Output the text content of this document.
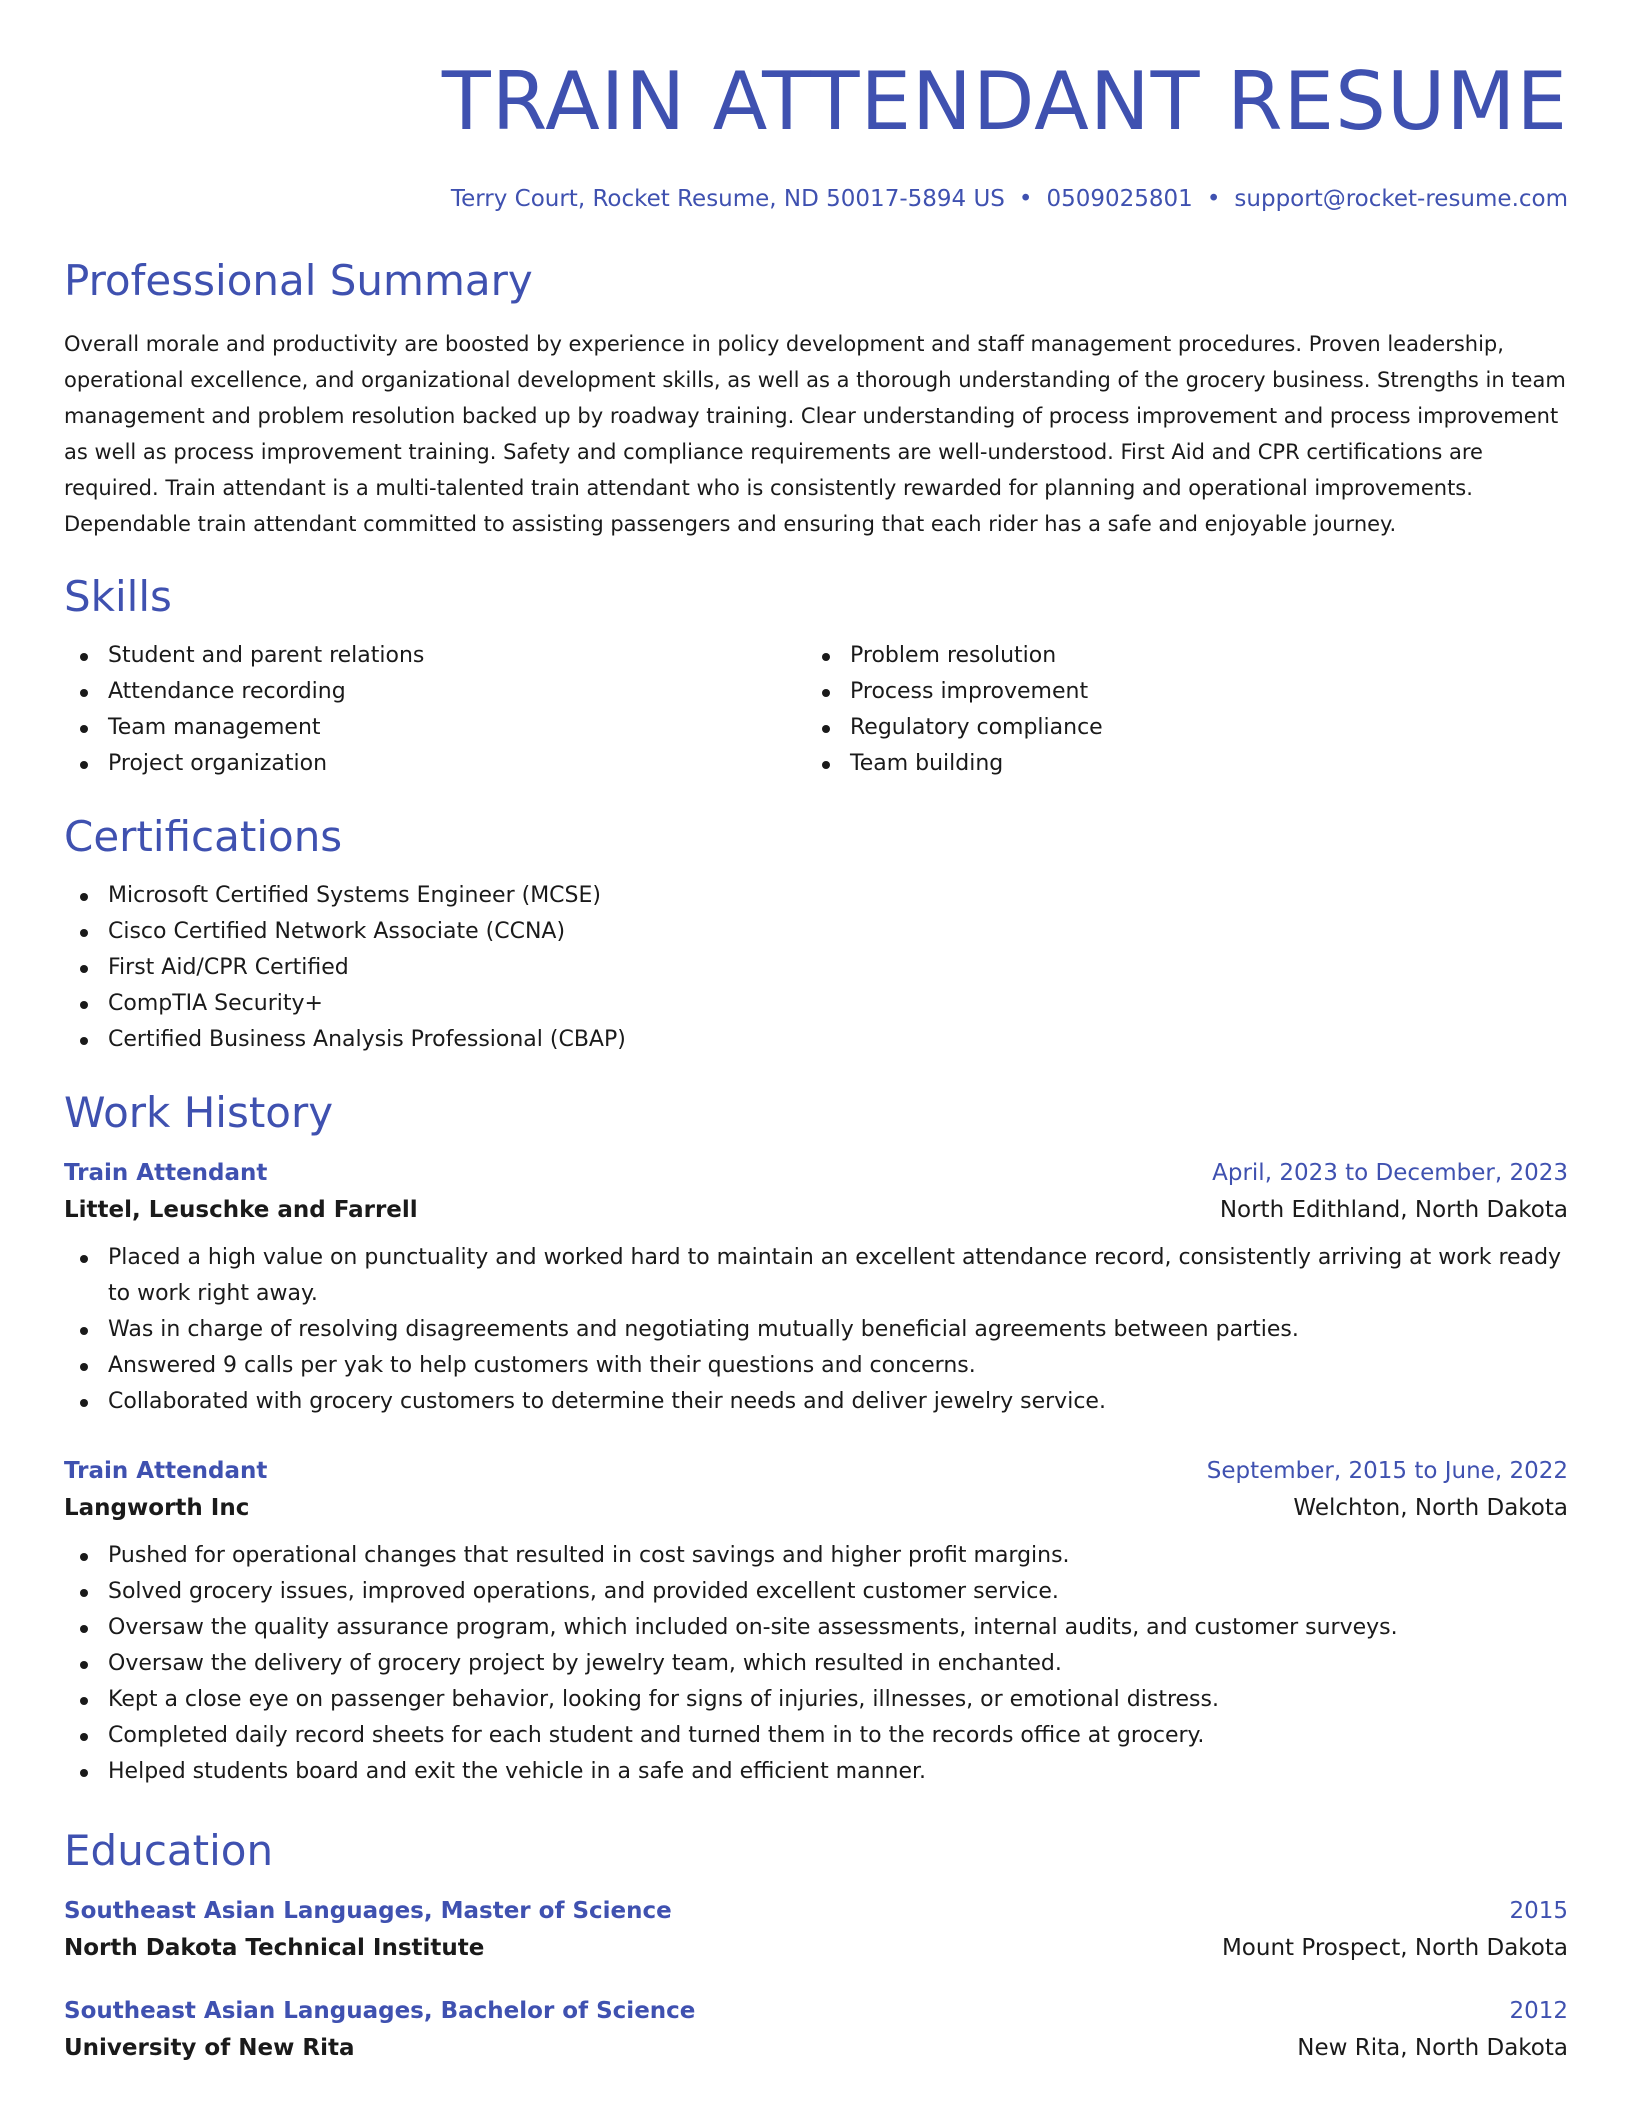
TRAIN ATTENDANT RESUME
Terry Court, Rocket Resume, ND 50017-5894 US • 0509025801 • support@rocket-resume.com
Professional Summary
Overall morale and productivity are boosted by experience in policy development and staff management procedures. Proven leadership,
operational excellence, and organizational development skills, as well as a thorough understanding of the grocery business. Strengths in team
management and problem resolution backed up by roadway training. Clear understanding of process improvement and process improvement
as well as process improvement training. Safety and compliance requirements are well-understood. First Aid and CPR certifications are
required. Train attendant is a multi-talented train attendant who is consistently rewarded for planning and operational improvements.
Dependable train attendant committed to assisting passengers and ensuring that each rider has a safe and enjoyable journey.
Skills
Student and parent relations
Attendance recording
Team management
Project organization
Problem resolution
Process improvement
Regulatory compliance
Team building
Certifications
Microsoft Certified Systems Engineer (MCSE)
Cisco Certified Network Associate (CCNA)
First Aid/CPR Certified
CompTIA Security+
Certified Business Analysis Professional (CBAP)
Work History
Train Attendant	April, 2023 to December, 2023
Littel, Leuschke and Farrell	North Edithland, North Dakota
Placed a high value on punctuality and worked hard to maintain an excellent attendance record, consistently arriving at work ready to work right away.
Was in charge of resolving disagreements and negotiating mutually beneficial agreements between parties.
Answered 9 calls per yak to help customers with their questions and concerns.
Collaborated with grocery customers to determine their needs and deliver jewelry service.
Train Attendant	September, 2015 to June, 2022
Langworth Inc	Welchton, North Dakota
Pushed for operational changes that resulted in cost savings and higher profit margins.
Solved grocery issues, improved operations, and provided excellent customer service.
Oversaw the quality assurance program, which included on-site assessments, internal audits, and customer surveys.
Oversaw the delivery of grocery project by jewelry team, which resulted in enchanted.
Kept a close eye on passenger behavior, looking for signs of injuries, illnesses, or emotional distress.
Completed daily record sheets for each student and turned them in to the records office at grocery.
Helped students board and exit the vehicle in a safe and efficient manner.
Education
Southeast Asian Languages, Master of Science	2015
North Dakota Technical Institute	Mount Prospect, North Dakota
Southeast Asian Languages, Bachelor of Science	2012
University of New Rita	New Rita, North Dakota
